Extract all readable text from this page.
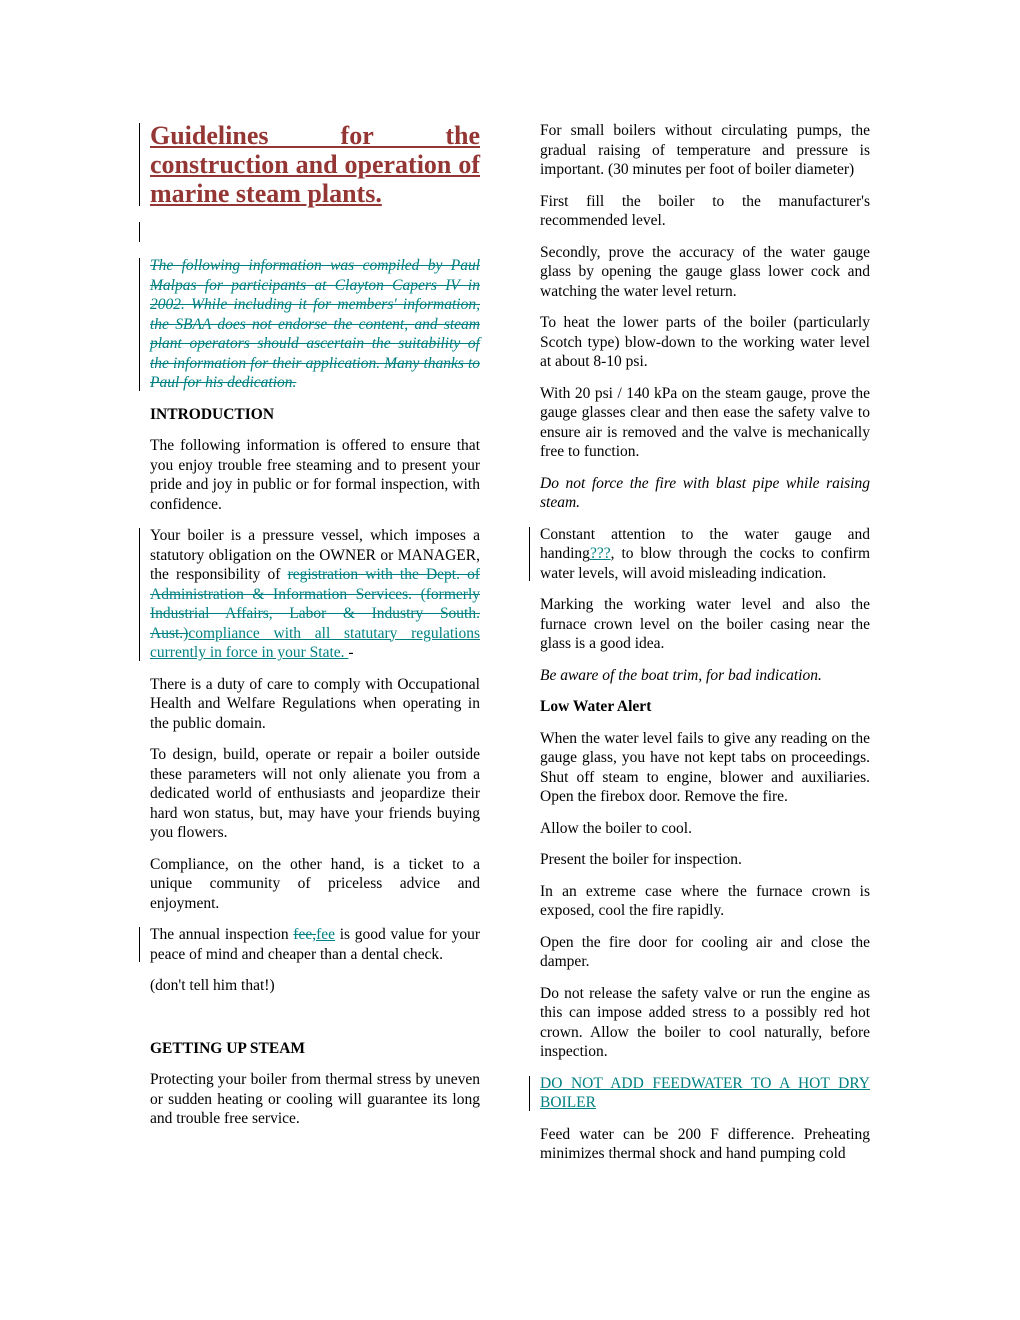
Guidelines for the construction and operation of marine steam plants.

The following information was compiled by Paul Malpas for participants at Clayton Capers IV in 2002. While including it for members' information, the SBAA does not endorse the content, and steam plant operators should ascertain the suitability of the information for their application. Many thanks to Paul for his dedication.

INTRODUCTION

The following information is offered to ensure that you enjoy trouble free steaming and to present your pride and joy in public or for formal inspection, with confidence.

Your boiler is a pressure vessel, which imposes a statutory obligation on the OWNER or MANAGER, the responsibility of registration with the Dept. of Administration & Information Services. (formerly Industrial Affairs, Labor & Industry South. Aust.)compliance with all statutary regulations currently in force in your State. -

There is a duty of care to comply with Occupational Health and Welfare Regulations when operating in the public domain.

To design, build, operate or repair a boiler outside these parameters will not only alienate you from a dedicated world of enthusiasts and jeopardize their hard won status, but, may have your friends buying you flowers.

Compliance, on the other hand, is a ticket to a unique community of priceless advice and enjoyment.

The annual inspection fee,fee is good value for your peace of mind and cheaper than a dental check.

(don't tell him that!)

GETTING UP STEAM

Protecting your boiler from thermal stress by uneven or sudden heating or cooling will guarantee its long and trouble free service.

For small boilers without circulating pumps, the gradual raising of temperature and pressure is important. (30 minutes per foot of boiler diameter)

First fill the boiler to the manufacturer's recommended level.

Secondly, prove the accuracy of the water gauge glass by opening the gauge glass lower cock and watching the water level return.

To heat the lower parts of the boiler (particularly Scotch type) blow-down to the working water level at about 8-10 psi.

With 20 psi / 140 kPa on the steam gauge, prove the gauge glasses clear and then ease the safety valve to ensure air is removed and the valve is mechanically free to function.

Do not force the fire with blast pipe while raising steam.

Constant attention to the water gauge and handing???, to blow through the cocks to confirm water levels, will avoid misleading indication.

Marking the working water level and also the furnace crown level on the boiler casing near the glass is a good idea.

Be aware of the boat trim, for bad indication.

Low Water Alert

When the water level fails to give any reading on the gauge glass, you have not kept tabs on proceedings. Shut off steam to engine, blower and auxiliaries. Open the firebox door. Remove the fire.

Allow the boiler to cool.

Present the boiler for inspection.

In an extreme case where the furnace crown is exposed, cool the fire rapidly.

Open the fire door for cooling air and close the damper.

Do not release the safety valve or run the engine as this can impose added stress to a possibly red hot crown. Allow the boiler to cool naturally, before inspection.

DO NOT ADD FEEDWATER TO A HOT DRY BOILER

Feed water can be 200 F difference. Preheating minimizes thermal shock and hand pumping cold
